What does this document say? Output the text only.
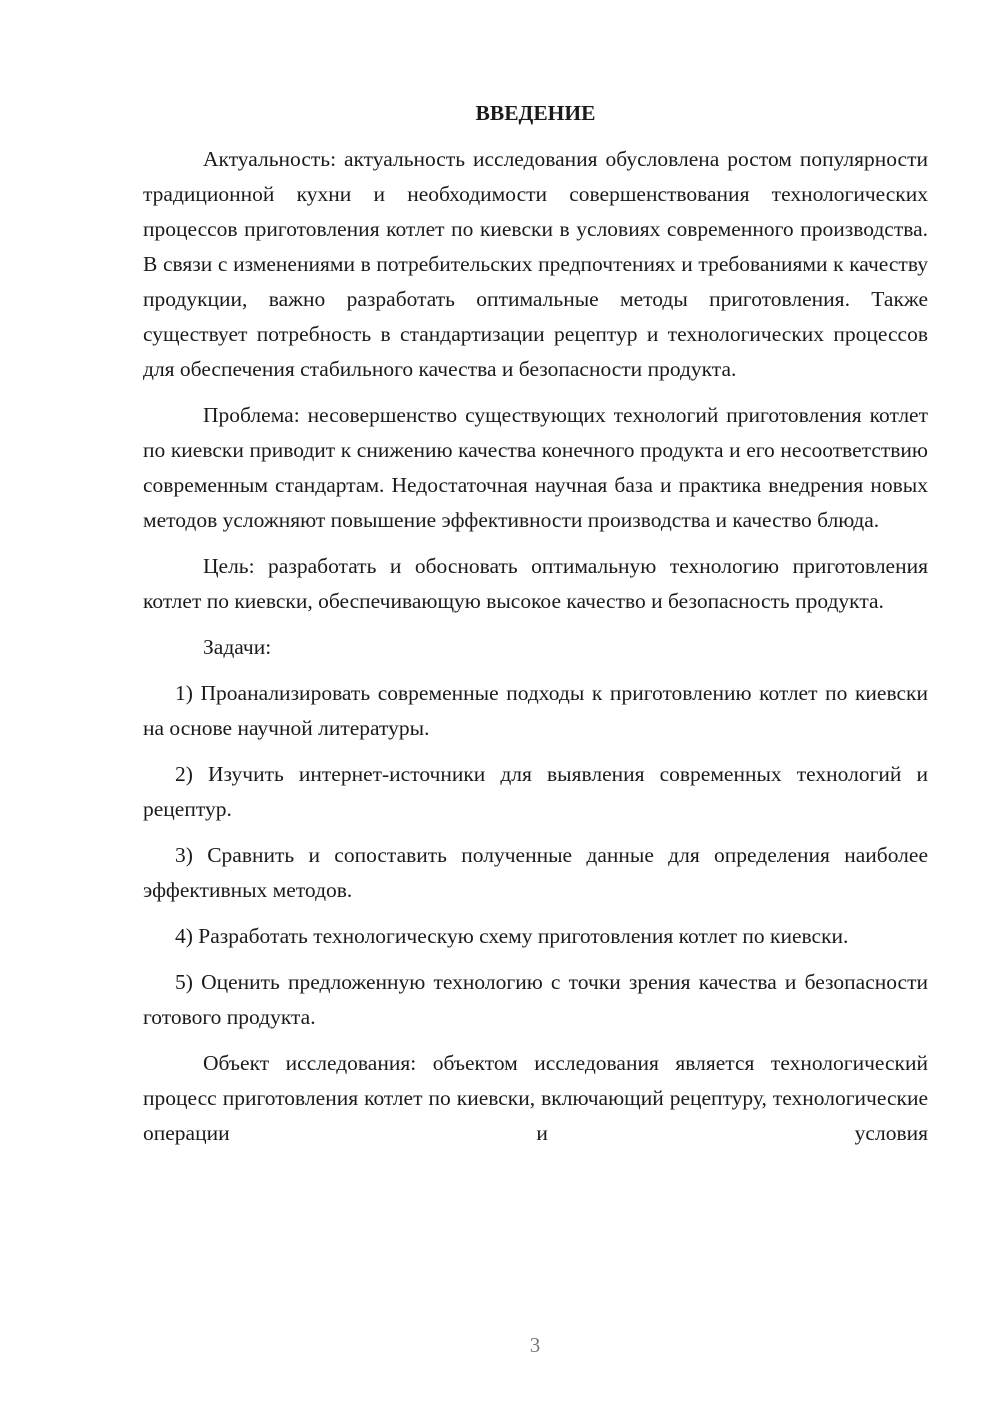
ВВЕДЕНИЕ

Актуальность: актуальность исследования обусловлена ростом популярности традиционной кухни и необходимости совершенствования технологических процессов приготовления котлет по киевски в условиях современного производства. В связи с изменениями в потребительских предпочтениях и требованиями к качеству продукции, важно разработать оптимальные методы приготовления. Также существует потребность в стандартизации рецептур и технологических процессов для обеспечения стабильного качества и безопасности продукта.

Проблема: несовершенство существующих технологий приготовления котлет по киевски приводит к снижению качества конечного продукта и его несоответствию современным стандартам. Недостаточная научная база и практика внедрения новых методов усложняют повышение эффективности производства и качество блюда.

Цель: разработать и обосновать оптимальную технологию приготовления котлет по киевски, обеспечивающую высокое качество и безопасность продукта.

Задачи:

1) Проанализировать современные подходы к приготовлению котлет по киевски на основе научной литературы.

2) Изучить интернет-источники для выявления современных технологий и рецептур.

3) Сравнить и сопоставить полученные данные для определения наиболее эффективных методов.

4) Разработать технологическую схему приготовления котлет по киевски.

5) Оценить предложенную технологию с точки зрения качества и безопасности готового продукта.

Объект исследования: объектом исследования является технологический процесс приготовления котлет по киевски, включающий рецептуру, технологические операции и условия

3
